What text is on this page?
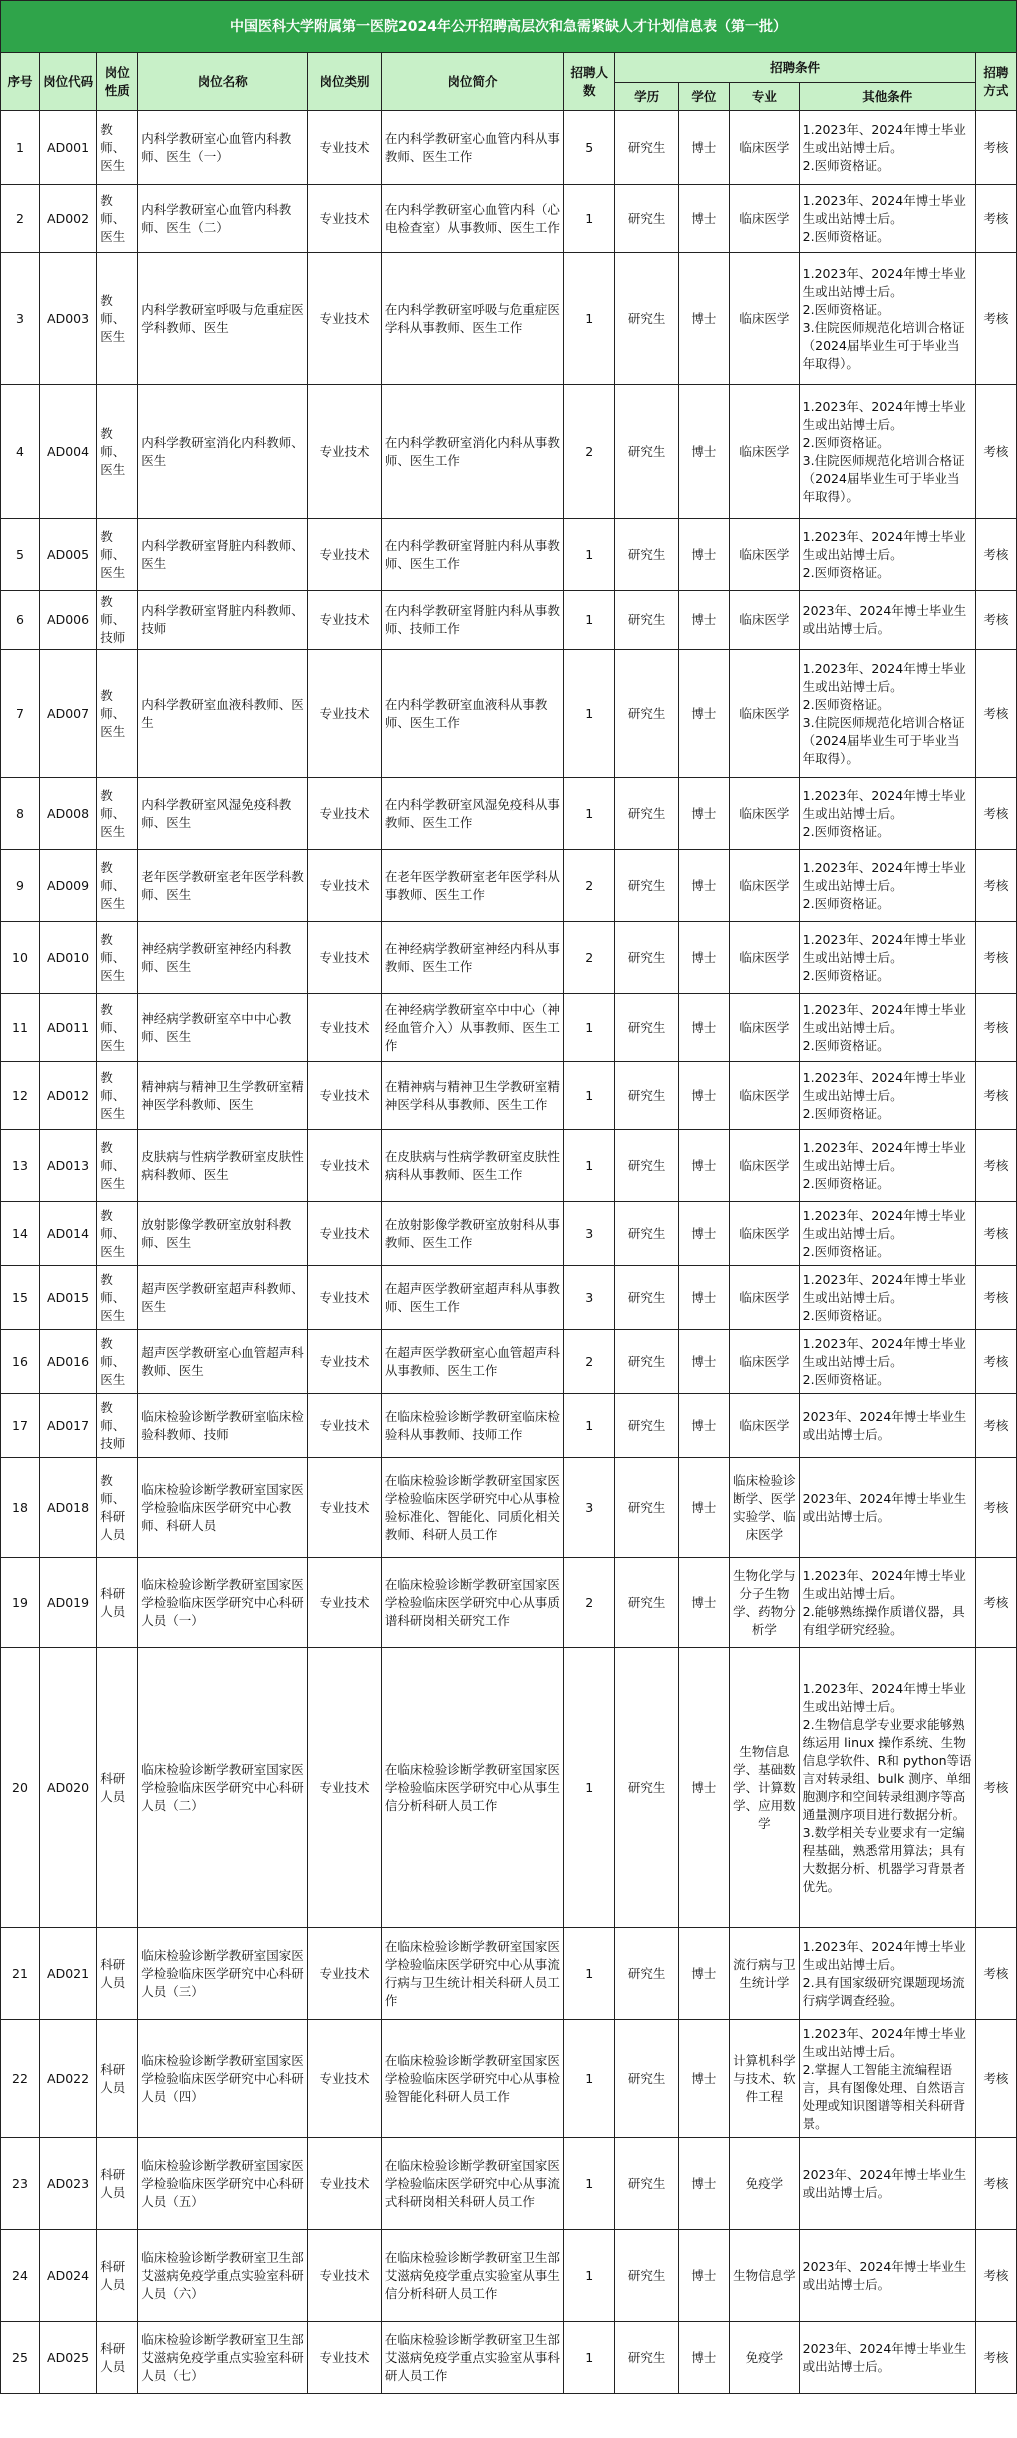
中国医科大学附属第一医院2024年公开招聘高层次和急需紧缺人才计划信息表（第一批）											
序号	岗位代码	岗位性质	岗位名称	岗位类别	岗位简介	招聘人数	招聘条件				招聘方式
							学历	学位	专业	其他条件	
1	AD001	教师、医生	内科学教研室心血管内科教师、医生（一）	专业技术	在内科学教研室心血管内科从事教师、医生工作	5	研究生	博士	临床医学	1.2023年、2024年博士毕业生或出站博士后。
2.医师资格证。	考核
2	AD002	教师、医生	内科学教研室心血管内科教师、医生（二）	专业技术	在内科学教研室心血管内科（心电检查室）从事教师、医生工作	1	研究生	博士	临床医学	1.2023年、2024年博士毕业生或出站博士后。
2.医师资格证。	考核
3	AD003	教师、医生	内科学教研室呼吸与危重症医学科教师、医生	专业技术	在内科学教研室呼吸与危重症医学科从事教师、医生工作	1	研究生	博士	临床医学	1.2023年、2024年博士毕业生或出站博士后。
2.医师资格证。
3.住院医师规范化培训合格证（2024届毕业生可于毕业当年取得）。	考核
4	AD004	教师、医生	内科学教研室消化内科教师、医生	专业技术	在内科学教研室消化内科从事教师、医生工作	2	研究生	博士	临床医学	1.2023年、2024年博士毕业生或出站博士后。
2.医师资格证。
3.住院医师规范化培训合格证（2024届毕业生可于毕业当年取得）。	考核
5	AD005	教师、医生	内科学教研室肾脏内科教师、医生	专业技术	在内科学教研室肾脏内科从事教师、医生工作	1	研究生	博士	临床医学	1.2023年、2024年博士毕业生或出站博士后。
2.医师资格证。	考核
6	AD006	教师、技师	内科学教研室肾脏内科教师、技师	专业技术	在内科学教研室肾脏内科从事教师、技师工作	1	研究生	博士	临床医学	2023年、2024年博士毕业生或出站博士后。	考核
7	AD007	教师、医生	内科学教研室血液科教师、医生	专业技术	在内科学教研室血液科从事教师、医生工作	1	研究生	博士	临床医学	1.2023年、2024年博士毕业生或出站博士后。
2.医师资格证。
3.住院医师规范化培训合格证（2024届毕业生可于毕业当年取得）。	考核
8	AD008	教师、医生	内科学教研室风湿免疫科教师、医生	专业技术	在内科学教研室风湿免疫科从事教师、医生工作	1	研究生	博士	临床医学	1.2023年、2024年博士毕业生或出站博士后。
2.医师资格证。	考核
9	AD009	教师、医生	老年医学教研室老年医学科教师、医生	专业技术	在老年医学教研室老年医学科从事教师、医生工作	2	研究生	博士	临床医学	1.2023年、2024年博士毕业生或出站博士后。
2.医师资格证。	考核
10	AD010	教师、医生	神经病学教研室神经内科教师、医生	专业技术	在神经病学教研室神经内科从事教师、医生工作	2	研究生	博士	临床医学	1.2023年、2024年博士毕业生或出站博士后。
2.医师资格证。	考核
11	AD011	教师、医生	神经病学教研室卒中中心教师、医生	专业技术	在神经病学教研室卒中中心（神经血管介入）从事教师、医生工作	1	研究生	博士	临床医学	1.2023年、2024年博士毕业生或出站博士后。
2.医师资格证。	考核
12	AD012	教师、医生	精神病与精神卫生学教研室精神医学科教师、医生	专业技术	在精神病与精神卫生学教研室精神医学科从事教师、医生工作	1	研究生	博士	临床医学	1.2023年、2024年博士毕业生或出站博士后。
2.医师资格证。	考核
13	AD013	教师、医生	皮肤病与性病学教研室皮肤性病科教师、医生	专业技术	在皮肤病与性病学教研室皮肤性病科从事教师、医生工作	1	研究生	博士	临床医学	1.2023年、2024年博士毕业生或出站博士后。
2.医师资格证。	考核
14	AD014	教师、医生	放射影像学教研室放射科教师、医生	专业技术	在放射影像学教研室放射科从事教师、医生工作	3	研究生	博士	临床医学	1.2023年、2024年博士毕业生或出站博士后。
2.医师资格证。	考核
15	AD015	教师、医生	超声医学教研室超声科教师、医生	专业技术	在超声医学教研室超声科从事教师、医生工作	3	研究生	博士	临床医学	1.2023年、2024年博士毕业生或出站博士后。
2.医师资格证。	考核
16	AD016	教师、医生	超声医学教研室心血管超声科教师、医生	专业技术	在超声医学教研室心血管超声科从事教师、医生工作	2	研究生	博士	临床医学	1.2023年、2024年博士毕业生或出站博士后。
2.医师资格证。	考核
17	AD017	教师、技师	临床检验诊断学教研室临床检验科教师、技师	专业技术	在临床检验诊断学教研室临床检验科从事教师、技师工作	1	研究生	博士	临床医学	2023年、2024年博士毕业生或出站博士后。	考核
18	AD018	教师、科研人员	临床检验诊断学教研室国家医学检验临床医学研究中心教师、科研人员	专业技术	在临床检验诊断学教研室国家医学检验临床医学研究中心从事检验标准化、智能化、同质化相关教师、科研人员工作	3	研究生	博士	临床检验诊断学、医学实验学、临床医学	2023年、2024年博士毕业生或出站博士后。	考核
19	AD019	科研人员	临床检验诊断学教研室国家医学检验临床医学研究中心科研人员（一）	专业技术	在临床检验诊断学教研室国家医学检验临床医学研究中心从事质谱科研岗相关研究工作	2	研究生	博士	生物化学与分子生物学、药物分析学	1.2023年、2024年博士毕业生或出站博士后。
2.能够熟练操作质谱仪器，具有组学研究经验。	考核
20	AD020	科研人员	临床检验诊断学教研室国家医学检验临床医学研究中心科研人员（二）	专业技术	在临床检验诊断学教研室国家医学检验临床医学研究中心从事生信分析科研人员工作	1	研究生	博士	生物信息学、基础数学、计算数学、应用数学	1.2023年、2024年博士毕业生或出站博士后。
2.生物信息学专业要求能够熟练运用 linux 操作系统、生物信息学软件、R和 python等语言对转录组、bulk 测序、单细胞测序和空间转录组测序等高通量测序项目进行数据分析。
3.数学相关专业要求有一定编程基础，熟悉常用算法；具有大数据分析、机器学习背景者优先。	考核
21	AD021	科研人员	临床检验诊断学教研室国家医学检验临床医学研究中心科研人员（三）	专业技术	在临床检验诊断学教研室国家医学检验临床医学研究中心从事流行病与卫生统计相关科研人员工作	1	研究生	博士	流行病与卫生统计学	1.2023年、2024年博士毕业生或出站博士后。
2.具有国家级研究课题现场流行病学调查经验。	考核
22	AD022	科研人员	临床检验诊断学教研室国家医学检验临床医学研究中心科研人员（四）	专业技术	在临床检验诊断学教研室国家医学检验临床医学研究中心从事检验智能化科研人员工作	1	研究生	博士	计算机科学与技术、软件工程	1.2023年、2024年博士毕业生或出站博士后。
2.掌握人工智能主流编程语言，具有图像处理、自然语言处理或知识图谱等相关科研背景。	考核
23	AD023	科研人员	临床检验诊断学教研室国家医学检验临床医学研究中心科研人员（五）	专业技术	在临床检验诊断学教研室国家医学检验临床医学研究中心从事流式科研岗相关科研人员工作	1	研究生	博士	免疫学	2023年、2024年博士毕业生或出站博士后。	考核
24	AD024	科研人员	临床检验诊断学教研室卫生部艾滋病免疫学重点实验室科研人员（六）	专业技术	在临床检验诊断学教研室卫生部艾滋病免疫学重点实验室从事生信分析科研人员工作	1	研究生	博士	生物信息学	2023年、2024年博士毕业生或出站博士后。	考核
25	AD025	科研人员	临床检验诊断学教研室卫生部艾滋病免疫学重点实验室科研人员（七）	专业技术	在临床检验诊断学教研室卫生部艾滋病免疫学重点实验室从事科研人员工作	1	研究生	博士	免疫学	2023年、2024年博士毕业生或出站博士后。	考核
